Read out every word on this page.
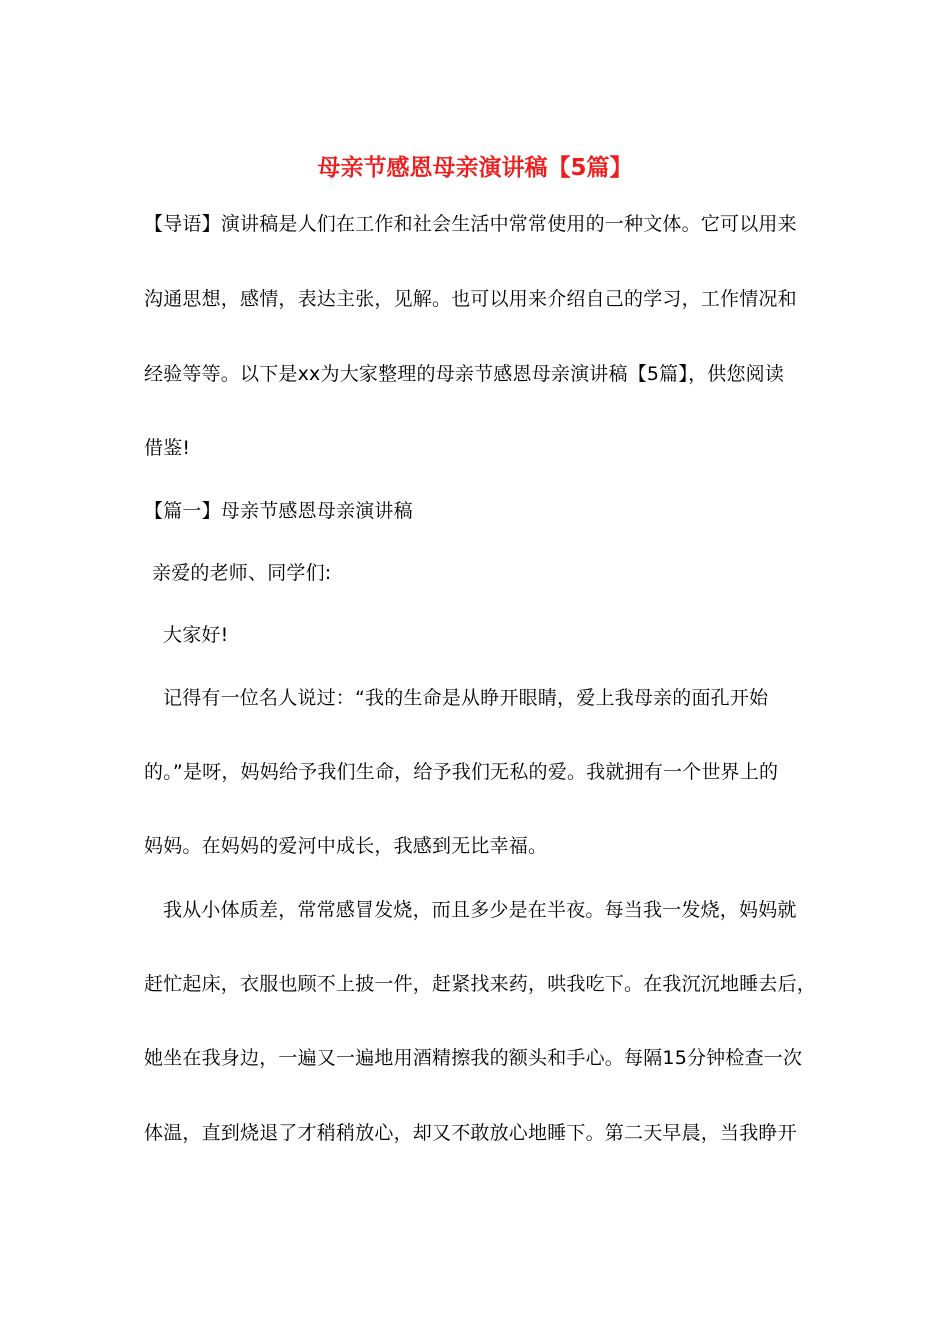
母亲节感恩母亲演讲稿【5篇】
【导语】演讲稿是人们在工作和社会生活中常常使用的一种文体。它可以用来
沟通思想，感情，表达主张，见解。也可以用来介绍自己的学习，工作情况和
经验等等。以下是xx为大家整理的母亲节感恩母亲演讲稿【5篇】，供您阅读
借鉴!
【篇一】母亲节感恩母亲演讲稿
亲爱的老师、同学们:
大家好!
记得有一位名人说过：“我的生命是从睁开眼睛，爱上我母亲的面孔开始
的。”是呀，妈妈给予我们生命，给予我们无私的爱。我就拥有一个世界上的
妈妈。在妈妈的爱河中成长，我感到无比幸福。
我从小体质差，常常感冒发烧，而且多少是在半夜。每当我一发烧，妈妈就
赶忙起床，衣服也顾不上披一件，赶紧找来药，哄我吃下。在我沉沉地睡去后，
她坐在我身边，一遍又一遍地用酒精擦我的额头和手心。每隔15分钟检查一次
体温，直到烧退了才稍稍放心，却又不敢放心地睡下。第二天早晨，当我睁开
